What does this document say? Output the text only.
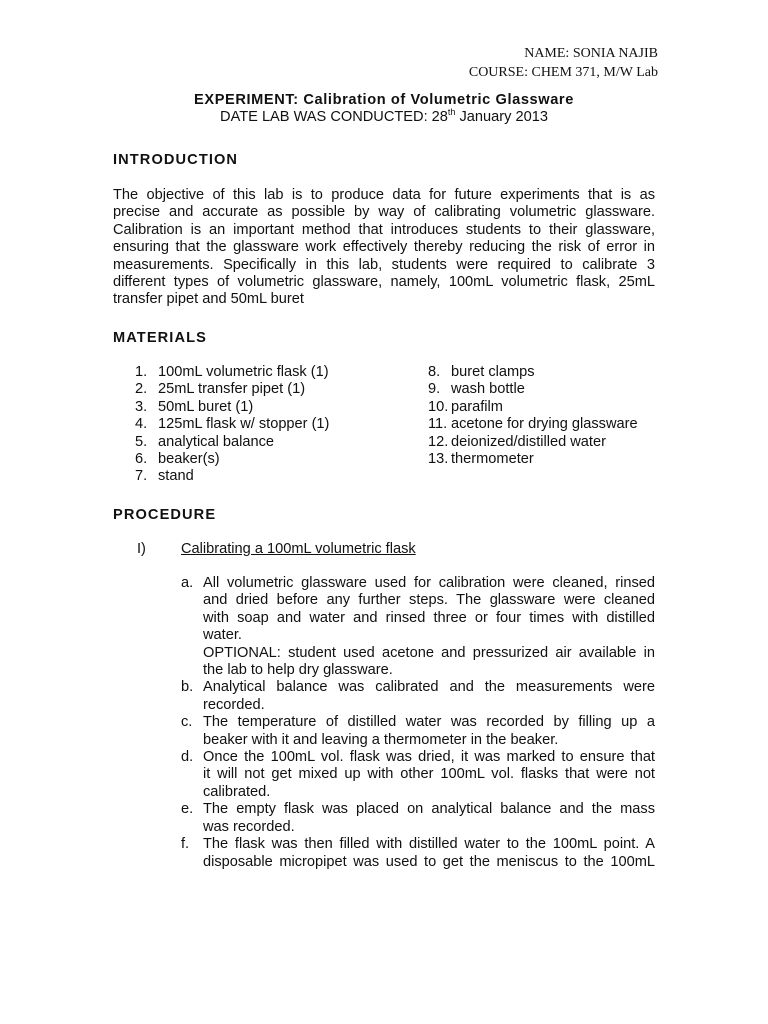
NAME: SONIA NAJIB
COURSE: CHEM 371, M/W Lab
EXPERIMENT: Calibration of Volumetric Glassware
DATE LAB WAS CONDUCTED: 28th January 2013
INTRODUCTION
The objective of this lab is to produce data for future experiments that is as
precise and accurate as possible by way of calibrating volumetric glassware.
Calibration is an important method that introduces students to their glassware,
ensuring that the glassware work effectively thereby reducing the risk of error in
measurements. Specifically in this lab, students were required to calibrate 3
different types of volumetric glassware, namely, 100mL volumetric flask, 25mL
transfer pipet and 50mL buret
MATERIALS
1. 100mL volumetric flask (1)
2. 25mL transfer pipet (1)
3. 50mL buret (1)
4. 125mL flask w/ stopper (1)
5. analytical balance
6. beaker(s)
7. stand
8. buret clamps
9. wash bottle
10. parafilm
11. acetone for drying glassware
12. deionized/distilled water
13. thermometer
PROCEDURE
I) Calibrating a 100mL volumetric flask
a. All volumetric glassware used for calibration were cleaned, rinsed
and dried before any further steps. The glassware were cleaned
with soap and water and rinsed three or four times with distilled
water.
OPTIONAL: student used acetone and pressurized air available in
the lab to help dry glassware.
b. Analytical balance was calibrated and the measurements were
recorded.
c. The temperature of distilled water was recorded by filling up a
beaker with it and leaving a thermometer in the beaker.
d. Once the 100mL vol. flask was dried, it was marked to ensure that
it will not get mixed up with other 100mL vol. flasks that were not
calibrated.
e. The empty flask was placed on analytical balance and the mass
was recorded.
f. The flask was then filled with distilled water to the 100mL point. A
disposable micropipet was used to get the meniscus to the 100mL
